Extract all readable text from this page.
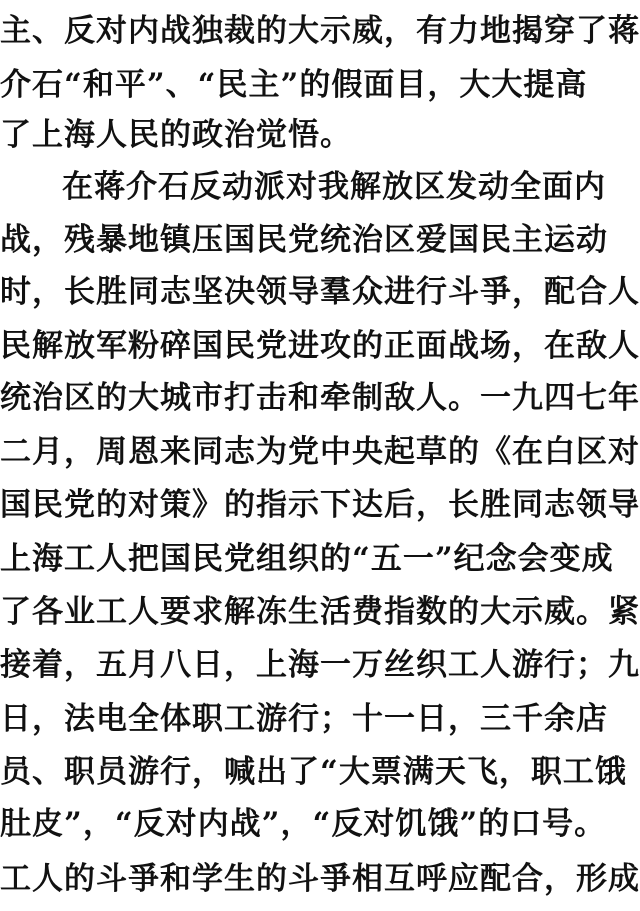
主、反对内战独裁的大示威，有力地揭穿了蒋
介石“和平”、“民主”的假面目，大大提高
了上海人民的政治觉悟。
在蒋介石反动派对我解放区发动全面内
战，残暴地镇压国民党统治区爱国民主运动
时，长胜同志坚决领导羣众进行斗爭，配合人
民解放军粉碎国民党进攻的正面战场，在敌人
统治区的大城市打击和牵制敌人。一九四七年
二月，周恩来同志为党中央起草的《在白区对
国民党的对策》的指示下达后，长胜同志领导
上海工人把国民党组织的“五一”纪念会变成
了各业工人要求解冻生活费指数的大示威。紧
接着，五月八日，上海一万丝织工人游行；九
日，法电全体职工游行；十一日，三千余店
员、职员游行，喊出了“大票满天飞，职工饿
肚皮”，“反对内战”，“反对饥饿”的口号。
工人的斗爭和学生的斗爭相互呼应配合，形成
